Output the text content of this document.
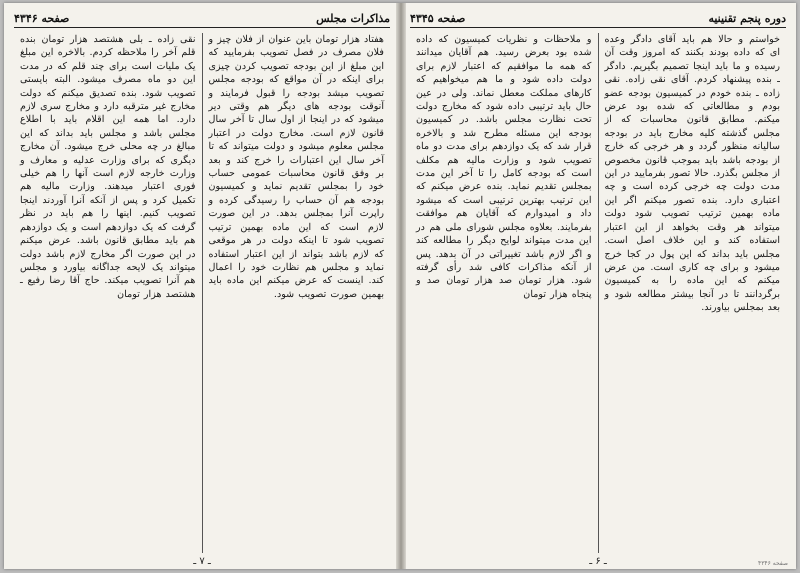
مذاکرات مجلس
صفحه ۴۳۴۶

هفتاد هزار تومان باین عنوان از فلان چیز و فلان مصرف در فصل تصویب بفرمایید که این مبلغ از این بودجه تصویب کردن چیزی برای اینکه در آن مواقع که بودجه مجلس تصویب میشد بودجه را قبول فرمایند و آنوقت بودجه های دیگر هم وقتی دیر میشود که در اینجا از اول سال تا آخر سال قانون لازم است. مخارج دولت در اعتبار مجلس معلوم میشود و دولت میتواند که تا آخر سال این اعتبارات را خرج کند و بعد بر وفق قانون محاسبات عمومی حساب خود را بمجلس تقدیم نماید و کمیسیون بودجه هم آن حساب را رسیدگی کرده و راپرت آنرا بمجلس بدهد. در این صورت لازم است که این ماده بهمین ترتیب تصویب شود تا اینکه دولت در هر موقعی که لازم باشد بتواند از این اعتبار استفاده نماید و مجلس هم نظارت خود را اعمال کند. اینست که عرض میکنم این ماده باید بهمین صورت تصویب شود.

نقی زاده ـ بلی هشتصد هزار تومان بنده قلم آخر را ملاحظه کردم. بالاخره این مبلغ یک ملیات است برای چند قلم که در مدت این دو ماه مصرف میشود. البته بایستی تصویب شود. بنده تصدیق میکنم که دولت مخارج غیر مترقبه دارد و مخارج سری لازم دارد. اما همه این اقلام باید با اطلاع مجلس باشد و مجلس باید بداند که این مبالغ در چه محلی خرج میشود. آن مخارج دیگری که برای وزارت عدلیه و معارف و وزارت خارجه لازم است آنها را هم خیلی فوری اعتبار میدهند. وزارت مالیه هم تکمیل کرد و پس از آنکه آنرا آوردند اینجا تصویب کنیم. اینها را هم باید در نظر گرفت که یک دوازدهم است و یک دوازدهم هم باید مطابق قانون باشد. عرض میکنم در این صورت اگر مخارج لازم باشد دولت میتواند یک لایحه جداگانه بیاورد و مجلس هم آنرا تصویب میکند. حاج آقا رضا رفیع ـ هشتصد هزار تومان

ـ ۷ ـ
دوره پنجم تقنینیه
صفحه ۴۳۴۵

خواستم و حالا هم باید آقای دادگر وعده ای که داده بودند بکنند که امروز وقت آن رسیده و ما باید اینجا تصمیم بگیریم. دادگر ـ بنده پیشنهاد کردم. آقای نقی زاده. نقی زاده ـ بنده خودم در کمیسیون بودجه عضو بودم و مطالعاتی که شده بود عرض میکنم. مطابق قانون محاسبات که از مجلس گذشته کلیه مخارج باید در بودجه سالیانه منظور گردد و هر خرجی که خارج از بودجه باشد باید بموجب قانون مخصوص از مجلس بگذرد. حالا تصور بفرمایید در این مدت دولت چه خرجی کرده است و چه اعتباری دارد. بنده تصور میکنم اگر این ماده بهمین ترتیب تصویب شود دولت میتواند هر وقت بخواهد از این اعتبار استفاده کند و این خلاف اصل است. مجلس باید بداند که این پول در کجا خرج میشود و برای چه کاری است. من عرض میکنم که این ماده را به کمیسیون برگردانند تا در آنجا بیشتر مطالعه شود و بعد بمجلس بیاورند.

و ملاحظات و نظریات کمیسیون که داده شده بود بعرض رسید. هم آقایان میدانند که همه ما موافقیم که اعتبار لازم برای دولت داده شود و ما هم میخواهیم که کارهای مملکت معطل نماند. ولی در عین حال باید ترتیبی داده شود که مخارج دولت تحت نظارت مجلس باشد. در کمیسیون بودجه این مسئله مطرح شد و بالاخره قرار شد که یک دوازدهم برای مدت دو ماه تصویب شود و وزارت مالیه هم مکلف است که بودجه کامل را تا آخر این مدت بمجلس تقدیم نماید. بنده عرض میکنم که این ترتیب بهترین ترتیبی است که میشود داد و امیدوارم که آقایان هم موافقت بفرمایند. بعلاوه مجلس شورای ملی هم در این مدت میتواند لوایح دیگر را مطالعه کند و اگر لازم باشد تغییراتی در آن بدهد. پس از آنکه مذاکرات کافی شد رأی گرفته شود. هزار تومان صد هزار تومان صد و پنجاه هزار تومان

ـ ۶ ـ	صفحه ۴۳۴۶
